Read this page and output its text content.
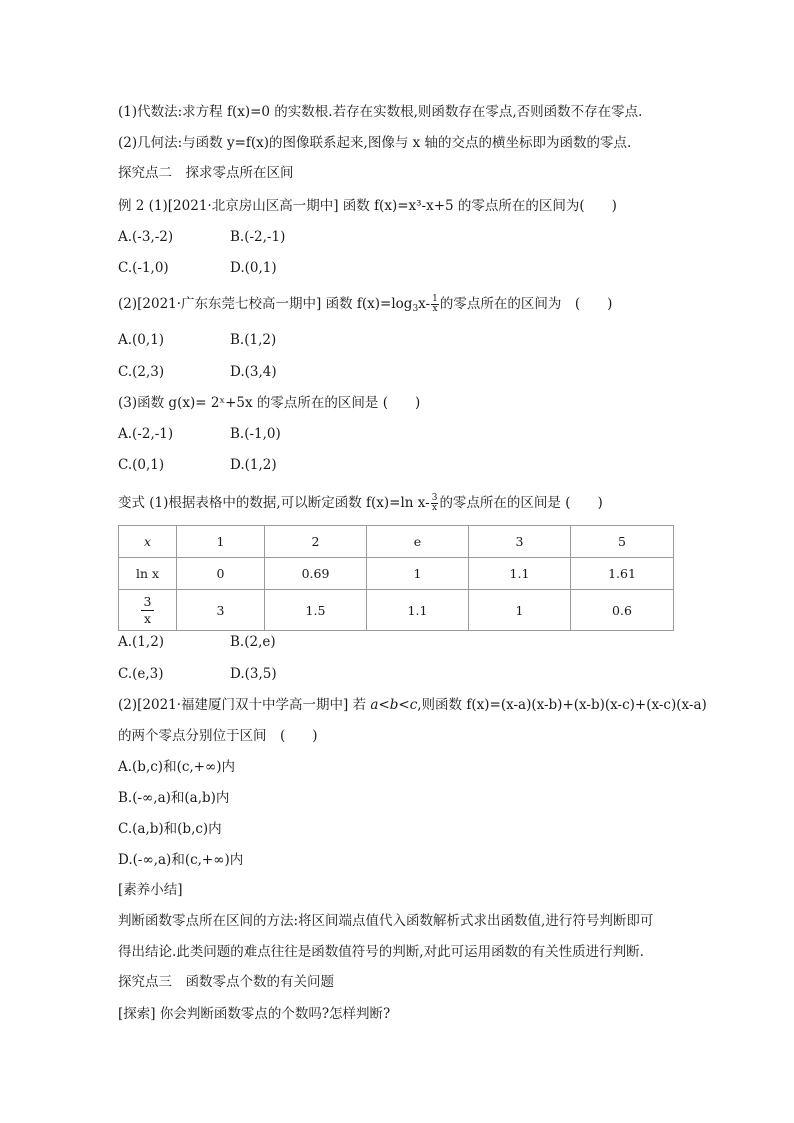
(1)代数法:求方程 f(x)=0 的实数根.若存在实数根,则函数存在零点,否则函数不存在零点.
(2)几何法:与函数 y=f(x)的图像联系起来,图像与 x 轴的交点的横坐标即为函数的零点.
探究点二　探求零点所在区间
例 2 (1)[2021·北京房山区高一期中] 函数 f(x)=x³-x+5 的零点所在的区间为(　　)
A.(-3,-2)	B.(-2,-1)
C.(-1,0)	D.(0,1)
(2)[2021·广东东莞七校高一期中] 函数 $f(x)=\log_3x- \frac{1}{x}$ 的零点所在的区间为　(　　)
A.(0,1)	B.(1,2)
C.(2,3)	D.(3,4)
(3)函数 g(x)= 2ˣ+5x 的零点所在的区间是 (　　)
A.(-2,-1)	B.(-1,0)
C.(0,1)	D.(1,2)
变式 (1)根据表格中的数据,可以断定函数 f(x)=ln $x- \frac{3}{x}$ 的零点所在的区间是 (　　)
x	1	2	e	3	5
ln x	0	0.69	1	1.1	1.61

$\frac{3}{x}$	3	1.5	1.1	1	0.6
A.(1,2)	B.(2,e)
C.(e,3)	D.(3,5)
(2)[2021·福建厦门双十中学高一期中] 若 a<b<c,则函数 f(x)=(x-a)(x-b)+(x-b)(x-c)+(x-c)(x-a)
的两个零点分别位于区间　(　　)
A.(b,c)和(c,+∞)内
B.(-∞,a)和(a,b)内
C.(a,b)和(b,c)内
D.(-∞,a)和(c,+∞)内
[素养小结]
判断函数零点所在区间的方法:将区间端点值代入函数解析式求出函数值,进行符号判断即可
得出结论.此类问题的难点往往是函数值符号的判断,对此可运用函数的有关性质进行判断.
探究点三　函数零点个数的有关问题
[探索] 你会判断函数零点的个数吗?怎样判断?
